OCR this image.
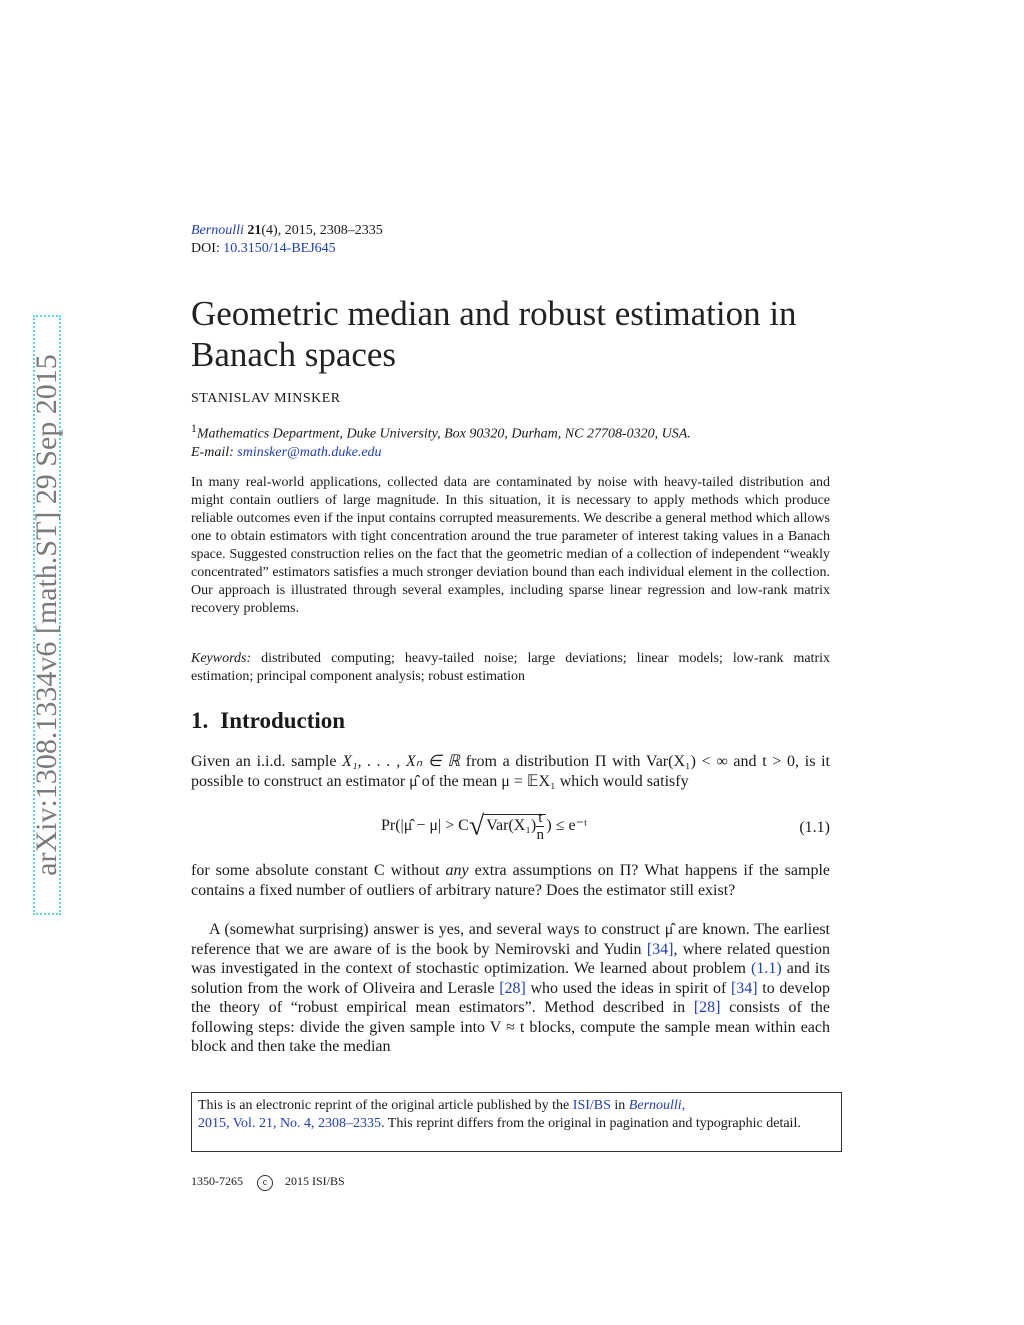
arXiv:1308.1334v6 [math.ST] 29 Sep 2015
Bernoulli 21(4), 2015, 2308–2335
DOI: 10.3150/14-BEJ645
Geometric median and robust estimation in Banach spaces
STANISLAV MINSKER
$^1$Mathematics Department, Duke University, Box 90320, Durham, NC 27708-0320, USA.
E-mail: sminsker@math.duke.edu
In many real-world applications, collected data are contaminated by noise with heavy-tailed distribution and might contain outliers of large magnitude. In this situation, it is necessary to apply methods which produce reliable outcomes even if the input contains corrupted measurements. We describe a general method which allows one to obtain estimators with tight concentration around the true parameter of interest taking values in a Banach space. Suggested construction relies on the fact that the geometric median of a collection of independent “weakly concentrated” estimators satisfies a much stronger deviation bound than each individual element in the collection. Our approach is illustrated through several examples, including sparse linear regression and low-rank matrix recovery problems.
Keywords: distributed computing; heavy-tailed noise; large deviations; linear models; low-rank matrix estimation; principal component analysis; robust estimation
1. Introduction
Given an i.i.d. sample X₁, . . . , Xₙ ∈ ℝ from a distribution Π with Var(X₁) < ∞ and t > 0, is it possible to construct an estimator μ̂ of the mean μ = 𝔼X₁ which would satisfy
Pr(|μ̂ − μ| > C√ $Var(X_1) \frac{t}{n}$ ) ≤ e⁻ᵗ	(1.1)
for some absolute constant C without any extra assumptions on Π? What happens if the sample contains a fixed number of outliers of arbitrary nature? Does the estimator still exist?
A (somewhat surprising) answer is yes, and several ways to construct μ̂ are known. The earliest reference that we are aware of is the book by Nemirovski and Yudin [34], where related question was investigated in the context of stochastic optimization. We learned about problem (1.1) and its solution from the work of Oliveira and Lerasle [28] who used the ideas in spirit of [34] to develop the theory of “robust empirical mean estimators”. Method described in [28] consists of the following steps: divide the given sample into V ≈ t blocks, compute the sample mean within each block and then take the median
This is an electronic reprint of the original article published by the ISI/BS in Bernoulli,
2015, Vol. 21, No. 4, 2308–2335. This reprint differs from the original in pagination and typographic detail.
1350-7265 c 2015 ISI/BS
